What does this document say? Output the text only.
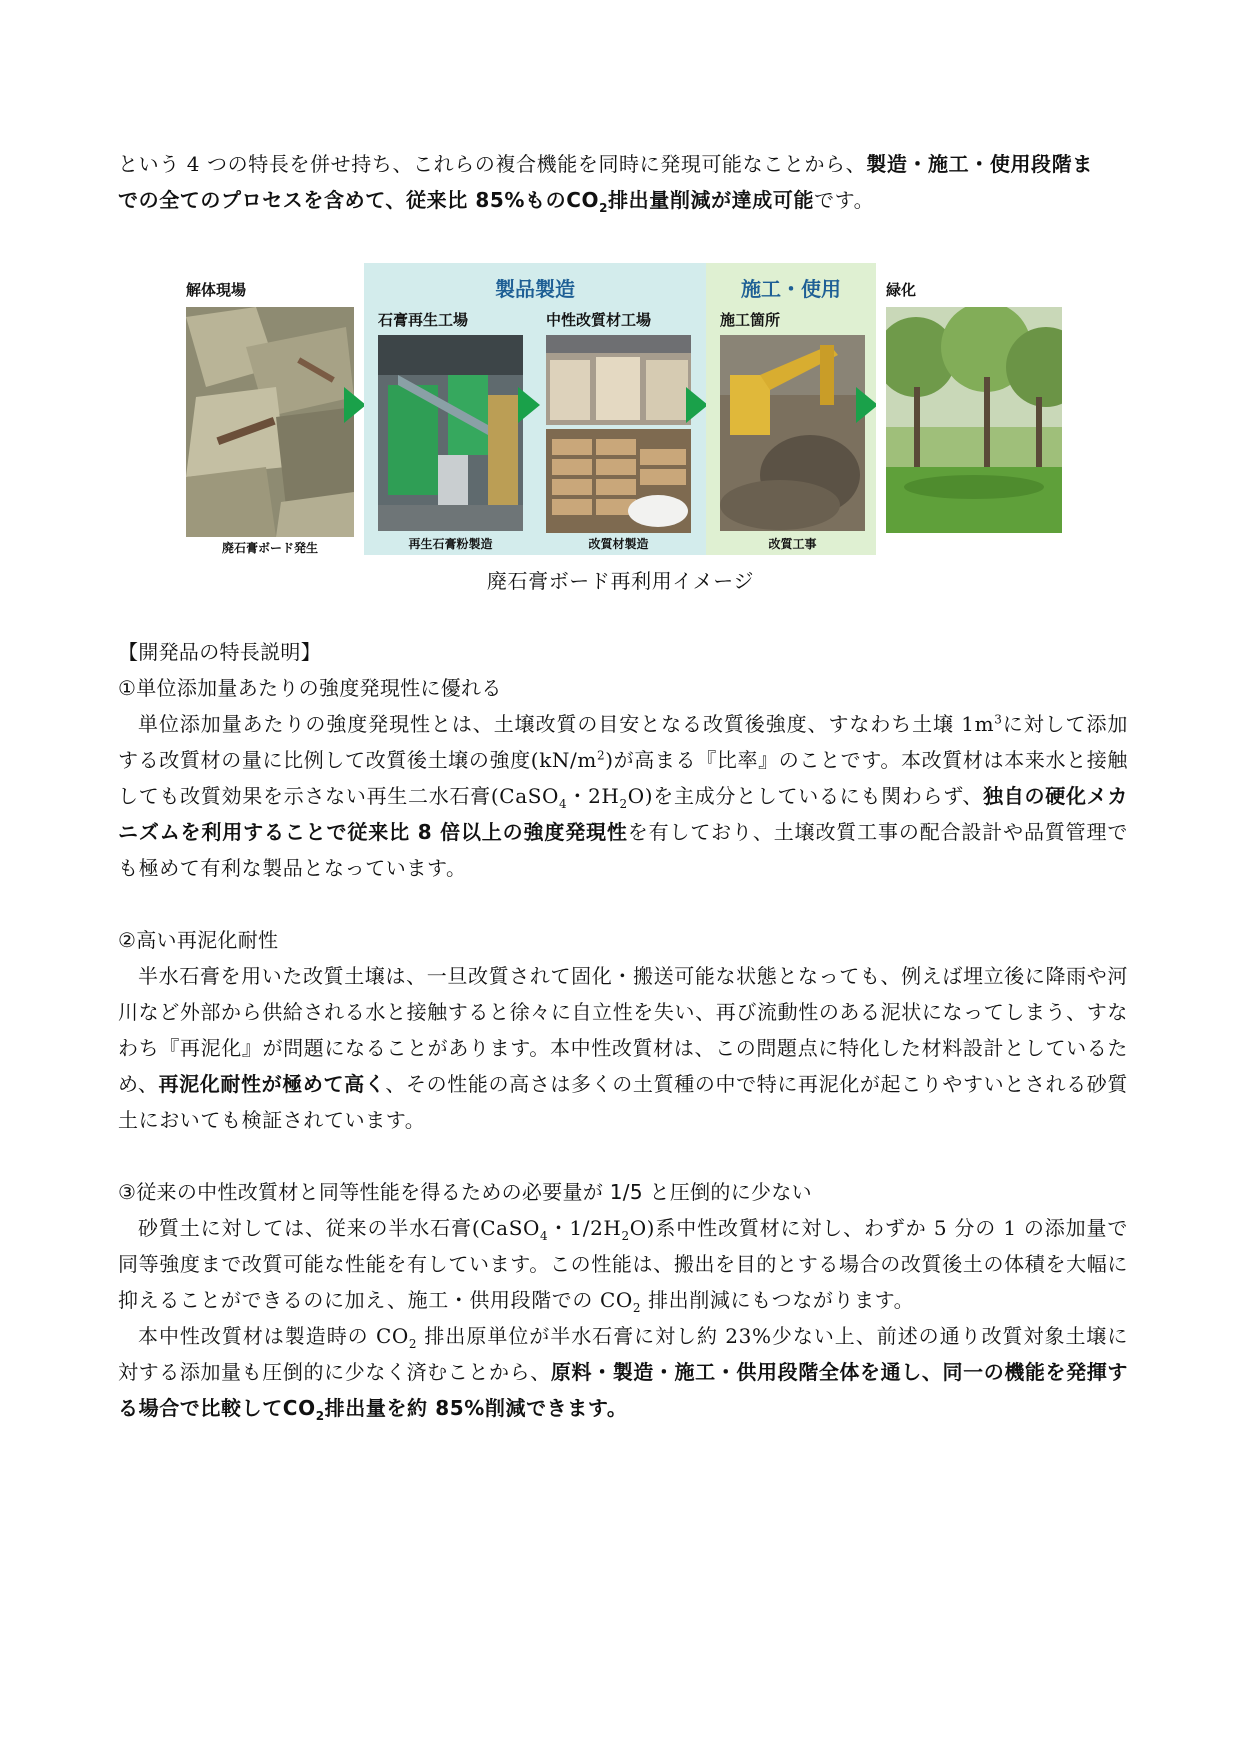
という 4 つの特長を併せ持ち、これらの複合機能を同時に発現可能なことから、製造・施工・使用段階ま
での全てのプロセスを含めて、従来比 85%もの$CO_2$排出量削減が達成可能です。

解体現場
廃石膏ボード発生
製品製造
石膏再生工場	中性改質材工場
再生石膏粉製造	改質材製造
施工・使用
施工箇所
改質工事
緑化
廃石膏ボード再利用イメージ

【開発品の特長説明】

①単位添加量あたりの強度発現性に優れる

単位添加量あたりの強度発現性とは、土壌改質の目安となる改質後強度、すなわち土壌 $1m^3$に対して添加する改質材の量に比例して改質後土壌の強度$(kN/m^2)$が高まる『比率』のことです。本改質材は本来水と接触しても改質効果を示さない再生二水石膏(CaSO$_4$・$2H_2O$)を主成分としているにも関わらず、独自の硬化メカニズムを利用することで従来比 8 倍以上の強度発現性を有しており、土壌改質工事の配合設計や品質管理でも極めて有利な製品となっています。

②高い再泥化耐性

半水石膏を用いた改質土壌は、一旦改質されて固化・搬送可能な状態となっても、例えば埋立後に降雨や河川など外部から供給される水と接触すると徐々に自立性を失い、再び流動性のある泥状になってしまう、すなわち『再泥化』が問題になることがあります。本中性改質材は、この問題点に特化した材料設計としているため、再泥化耐性が極めて高く、その性能の高さは多くの土質種の中で特に再泥化が起こりやすいとされる砂質土においても検証されています。

③従来の中性改質材と同等性能を得るための必要量が 1/5 と圧倒的に少ない

砂質土に対しては、従来の半水石膏(CaSO$_4$・$1/2H_2O$)系中性改質材に対し、わずか 5 分の 1 の添加量で同等強度まで改質可能な性能を有しています。この性能は、搬出を目的とする場合の改質後土の体積を大幅に抑えることができるのに加え、施工・供用段階での $CO_2$ 排出削減にもつながります。

本中性改質材は製造時の $CO_2$ 排出原単位が半水石膏に対し約 23%少ない上、前述の通り改質対象土壌に対する添加量も圧倒的に少なく済むことから、原料・製造・施工・供用段階全体を通し、同一の機能を発揮する場合で比較して$CO_2$排出量を約 85%削減できます。
